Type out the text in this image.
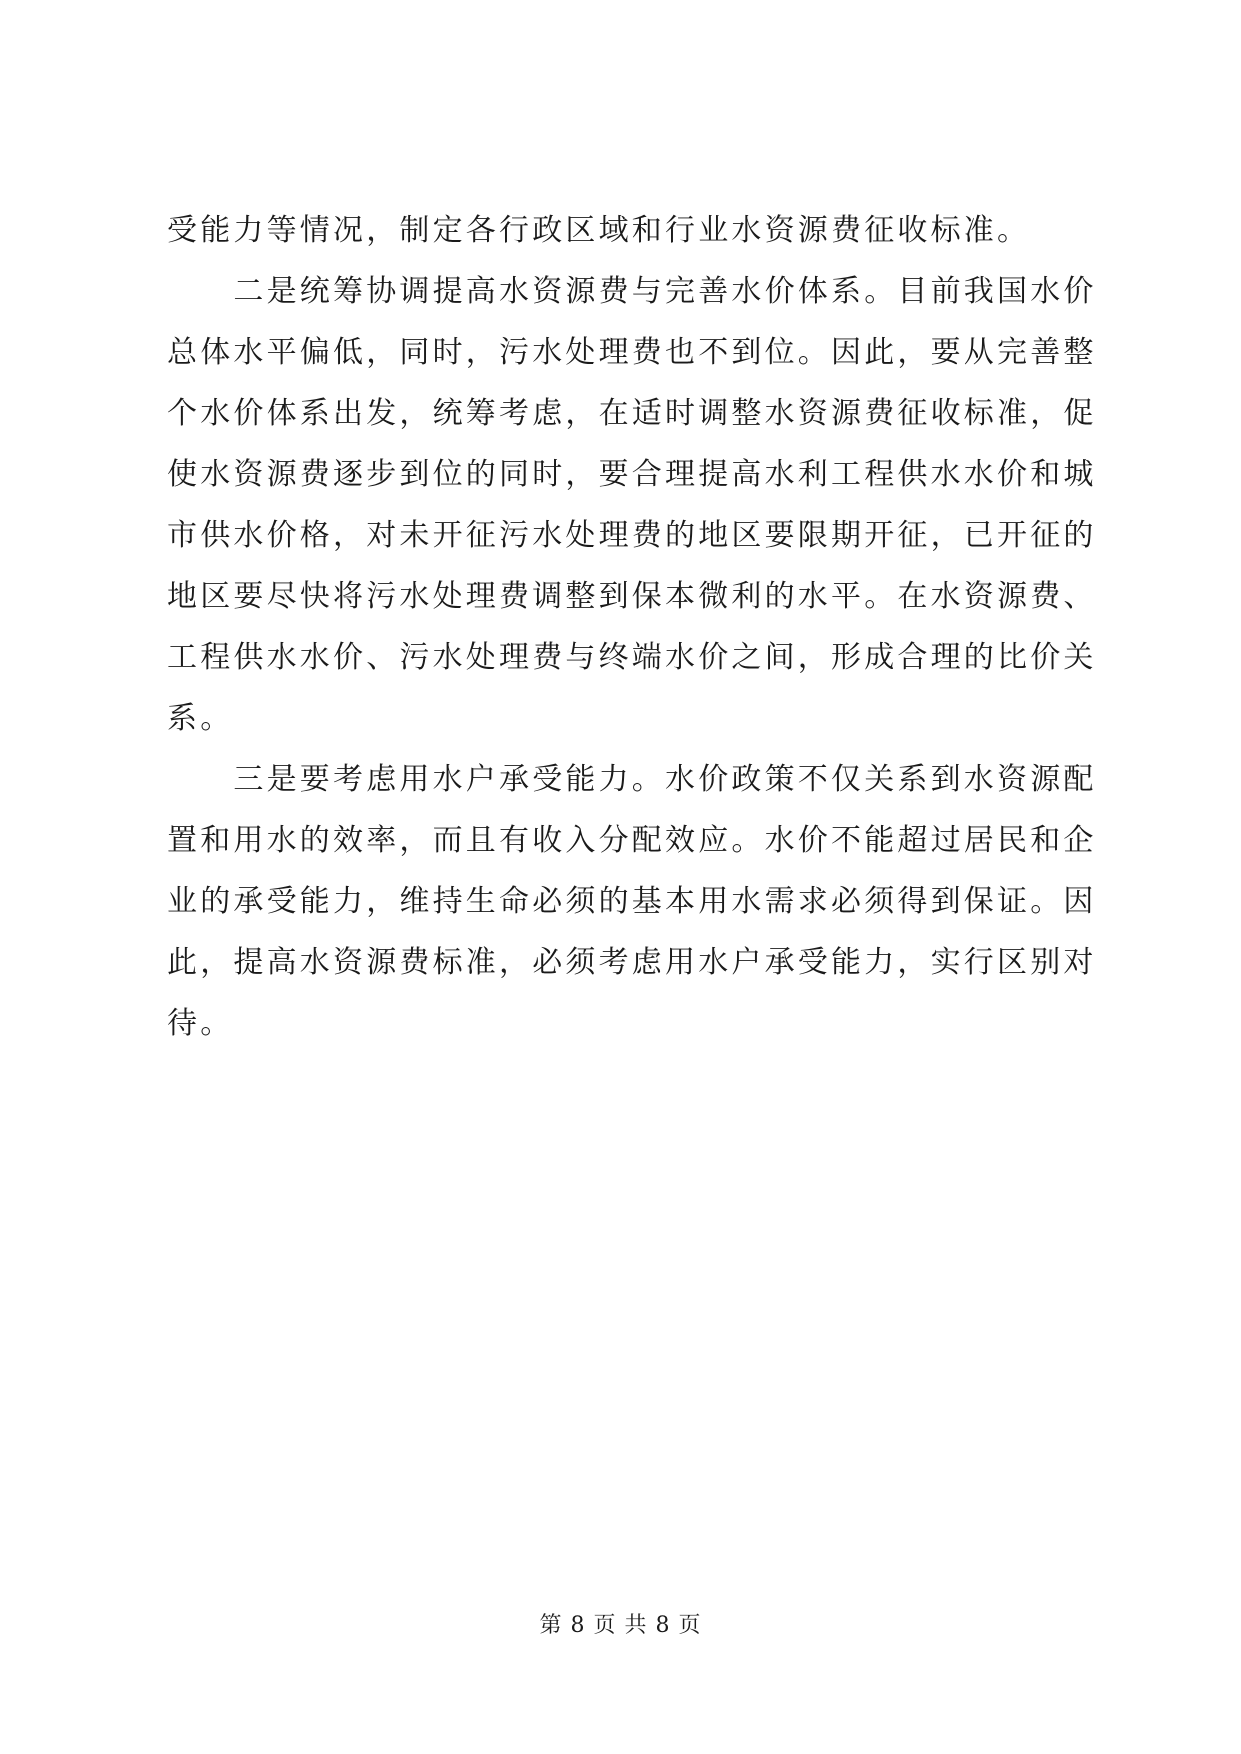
受能力等情况，制定各行政区域和行业水资源费征收标准。
　　二是统筹协调提高水资源费与完善水价体系。目前我国水价
总体水平偏低，同时，污水处理费也不到位。因此，要从完善整
个水价体系出发，统筹考虑，在适时调整水资源费征收标准，促
使水资源费逐步到位的同时，要合理提高水利工程供水水价和城
市供水价格，对未开征污水处理费的地区要限期开征，已开征的
地区要尽快将污水处理费调整到保本微利的水平。在水资源费、
工程供水水价、污水处理费与终端水价之间，形成合理的比价关
系。
　　三是要考虑用水户承受能力。水价政策不仅关系到水资源配
置和用水的效率，而且有收入分配效应。水价不能超过居民和企
业的承受能力，维持生命必须的基本用水需求必须得到保证。因
此，提高水资源费标准，必须考虑用水户承受能力，实行区别对
待。
第 8 页 共 8 页
